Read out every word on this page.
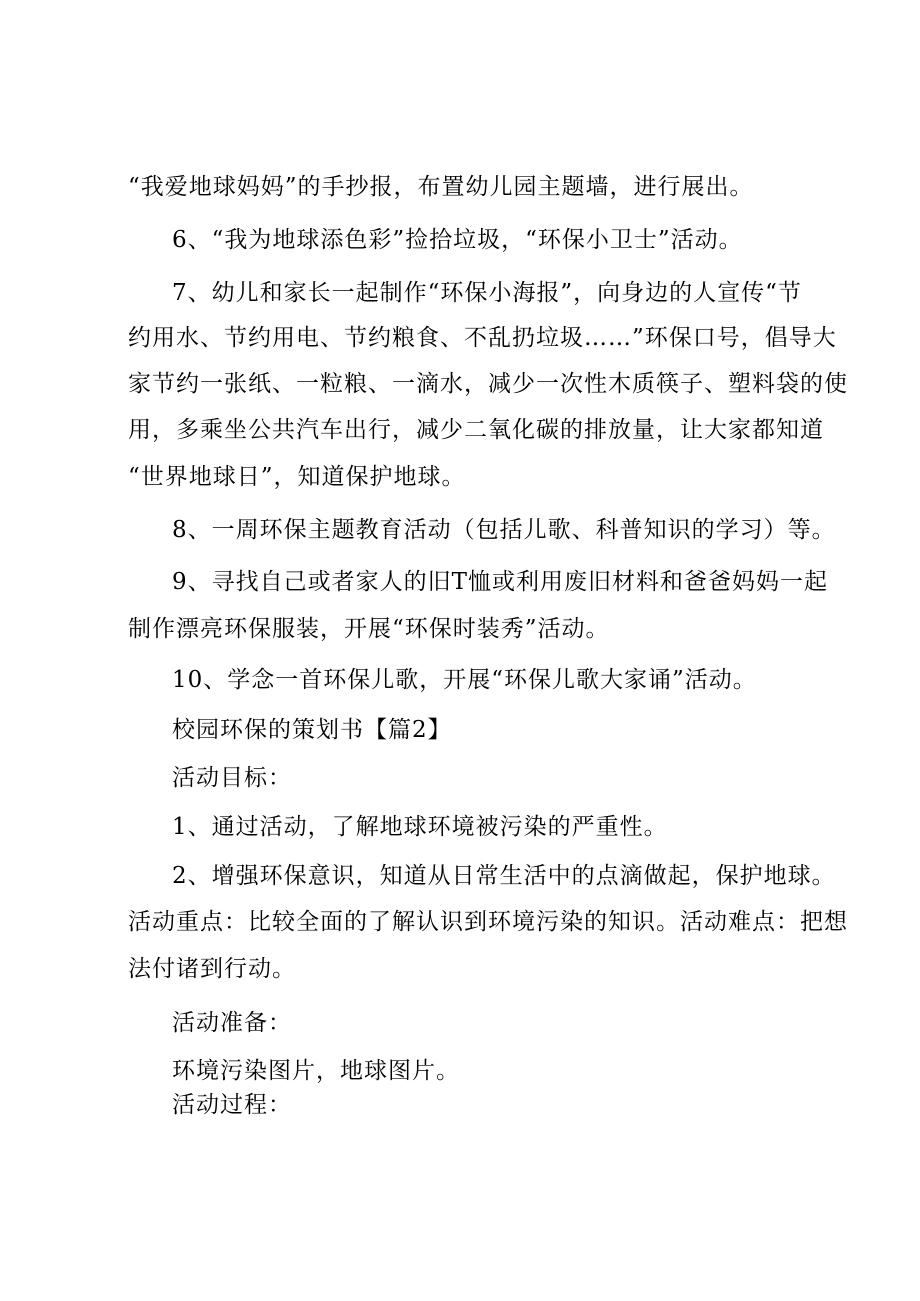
“我爱地球妈妈”的手抄报，布置幼儿园主题墙，进行展出。
6、“我为地球添色彩”捡拾垃圾，“环保小卫士”活动。
7、幼儿和家长一起制作“环保小海报”，向身边的人宣传“节
约用水、节约用电、节约粮食、不乱扔垃圾……”环保口号，倡导大
家节约一张纸、一粒粮、一滴水，减少一次性木质筷子、塑料袋的使
用，多乘坐公共汽车出行，减少二氧化碳的排放量，让大家都知道
“世界地球日”，知道保护地球。
8、一周环保主题教育活动（包括儿歌、科普知识的学习）等。
9、寻找自己或者家人的旧T恤或利用废旧材料和爸爸妈妈一起
制作漂亮环保服装，开展“环保时装秀”活动。
10、学念一首环保儿歌，开展“环保儿歌大家诵”活动。
校园环保的策划书【篇2】
活动目标：
1、通过活动，了解地球环境被污染的严重性。
2、增强环保意识，知道从日常生活中的点滴做起，保护地球。
活动重点：比较全面的了解认识到环境污染的知识。活动难点：把想
法付诸到行动。
活动准备：
环境污染图片，地球图片。
活动过程：
